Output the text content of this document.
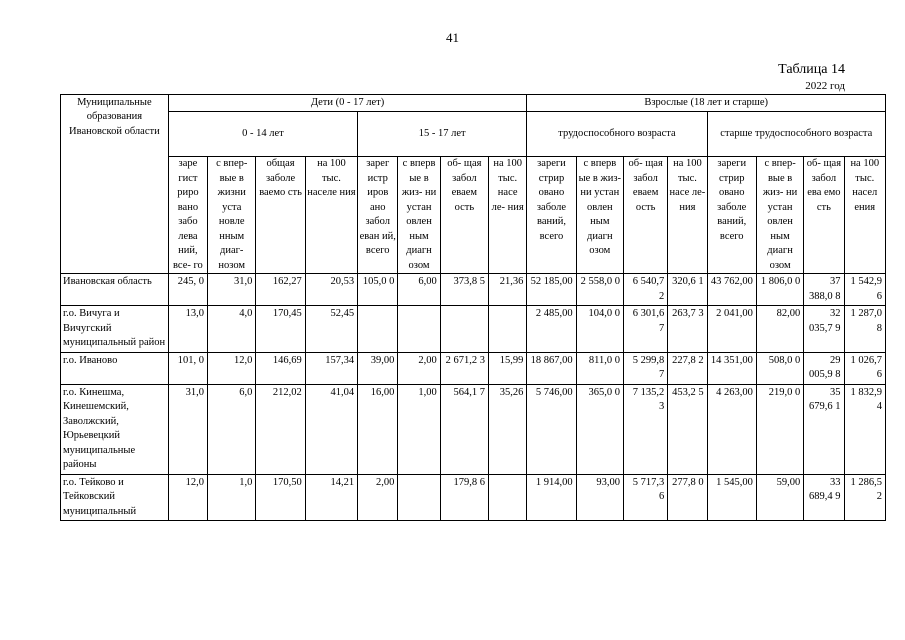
41
Таблица 14
2022 год
Муниципальные образования Ивановской области	Дети (0 - 17 лет)								Взрослые (18 лет и старше)							
	0 - 14 лет				15 - 17 лет				трудоспособного возраста				старше трудоспособного возраста			
	заре гист риро вано забо лева ний, все- го	с впер- вые в жизни уста новле нным диаг- нозом	общая заболе ваемо сть	на 100 тыс. населе ния	зарег истр иров ано забол еван ий, всего	с вперв ые в жиз- ни устан овлен ным диагн озом	об- щая забол еваем ость	на 100 тыс. насе ле- ния	зареги стрир овано заболе ваний, всего	с вперв ые в жиз- ни устан овлен ным диагн озом	об- щая забол еваем ость	на 100 тыс. насе ле- ния	зареги стрир овано заболе ваний, всего	с впер- вые в жиз- ни устан овлен ным диагн озом	об- щая забол ева емо сть	на 100 тыс. насел ения
Ивановская область	245, 0	31,0	162,27	20,53	105,0 0	6,00	373,8 5	21,36	52 185,00	2 558,0 0	6 540,7 2	320,6 1	43 762,00	1 806,0 0	37 388,0 8	1 542,9 6
г.о. Вичуга и Вичугский муниципальный район	13,0	4,0	170,45	52,45					2 485,00	104,0 0	6 301,6 7	263,7 3	2 041,00	82,00	32 035,7 9	1 287,0 8
г.о. Иваново	101, 0	12,0	146,69	157,34	39,00	2,00	2 671,2 3	15,99	18 867,00	811,0 0	5 299,8 7	227,8 2	14 351,00	508,0 0	29 005,9 8	1 026,7 6
г.о. Кинешма, Кинешемский, Заволжский, Юрьевецкий муниципальные районы	31,0	6,0	212,02	41,04	16,00	1,00	564,1 7	35,26	5 746,00	365,0 0	7 135,2 3	453,2 5	4 263,00	219,0 0	35 679,6 1	1 832,9 4
г.о. Тейково и Тейковский муниципальный	12,0	1,0	170,50	14,21	2,00		179,8 6		1 914,00	93,00	5 717,3 6	277,8 0	1 545,00	59,00	33 689,4 9	1 286,5 2
